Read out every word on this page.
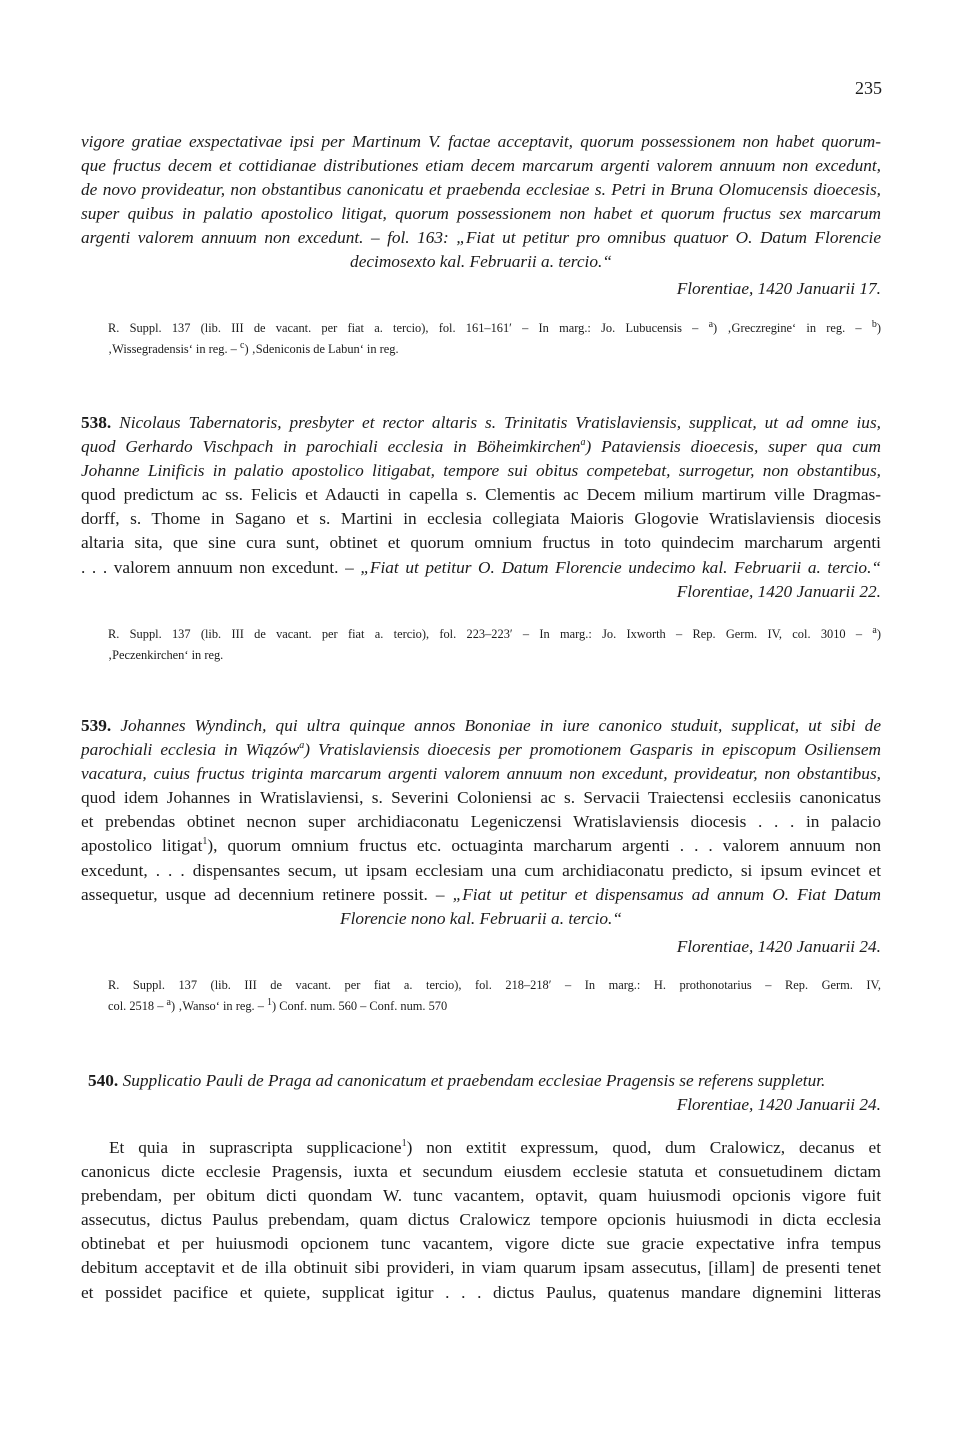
235

vigore gratiae exspectativae ipsi per Martinum V. factae acceptavit, quorum possessionem non habet quorum-

que fructus decem et cottidianae distributiones etiam decem marcarum argenti valorem annuum non excedunt,

de novo provideatur, non obstantibus canonicatu et praebenda ecclesiae s. Petri in Bruna Olomucensis dioecesis,

super quibus in palatio apostolico litigat, quorum possessionem non habet et quorum fructus sex marcarum

argenti valorem annuum non excedunt. – fol. 163: „Fiat ut petitur pro omnibus quatuor O. Datum Florencie

decimosexto kal. Februarii a. tercio.“

Florentiae, 1420 Januarii 17.

R. Suppl. 137 (lib. III de vacant. per fiat a. tercio), fol. 161–161′ – In marg.: Jo. Lubucensis – $^a$) ‚Greczregine‘ in reg. – $^b$)

‚Wissegradensis‘ in reg. – $^c$) ‚Sdeniconis de Labun‘ in reg.

538. Nicolaus Tabernatoris, presbyter et rector altaris s. Trinitatis Vratislaviensis, supplicat, ut ad omne ius,

quod Gerhardo Vischpach in parochiali ecclesia in Böheimkirchen$^a$) Pataviensis dioecesis, super qua cum

Johanne Linificis in palatio apostolico litigabat, tempore sui obitus competebat, surrogetur, non obstantibus,

quod predictum ac ss. Felicis et Adaucti in capella s. Clementis ac Decem milium martirum ville Dragmas-

dorff, s. Thome in Sagano et s. Martini in ecclesia collegiata Maioris Glogovie Wratislaviensis diocesis

altaria sita, que sine cura sunt, obtinet et quorum omnium fructus in toto quindecim marcharum argenti

. . . valorem annuum non excedunt. – „Fiat ut petitur O. Datum Florencie undecimo kal. Februarii a. tercio.“

Florentiae, 1420 Januarii 22.

R. Suppl. 137 (lib. III de vacant. per fiat a. tercio), fol. 223–223′ – In marg.: Jo. Ixworth – Rep. Germ. IV, col. 3010 – $^a$)

‚Peczenkirchen‘ in reg.

539. Johannes Wyndinch, qui ultra quinque annos Bononiae in iure canonico studuit, supplicat, ut sibi de

parochiali ecclesia in Wiązów$^a$) Vratislaviensis dioecesis per promotionem Gasparis in episcopum Osiliensem

vacatura, cuius fructus triginta marcarum argenti valorem annuum non excedunt, provideatur, non obstantibus,

quod idem Johannes in Wratislaviensi, s. Severini Coloniensi ac s. Servacii Traiectensi ecclesiis canonicatus

et prebendas obtinet necnon super archidiaconatu Legeniczensi Wratislaviensis diocesis . . . in palacio

apostolico litigat$^1$), quorum omnium fructus etc. octuaginta marcharum argenti . . . valorem annuum non

excedunt, . . . dispensantes secum, ut ipsam ecclesiam una cum archidiaconatu predicto, si ipsum evincet et

assequetur, usque ad decennium retinere possit. – „Fiat ut petitur et dispensamus ad annum O. Fiat Datum

Florencie nono kal. Februarii a. tercio.“

Florentiae, 1420 Januarii 24.

R. Suppl. 137 (lib. III de vacant. per fiat a. tercio), fol. 218–218′ – In marg.: H. prothonotarius – Rep. Germ. IV,

col. 2518 – $^a$) ‚Wanso‘ in reg. – $^1$) Conf. num. 560 – Conf. num. 570

540. Supplicatio Pauli de Praga ad canonicatum et praebendam ecclesiae Pragensis se referens suppletur.

Florentiae, 1420 Januarii 24.

Et quia in suprascripta supplicacione$^1$) non extitit expressum, quod, dum Cralowicz, decanus et

canonicus dicte ecclesie Pragensis, iuxta et secundum eiusdem ecclesie statuta et consuetudinem dictam

prebendam, per obitum dicti quondam W. tunc vacantem, optavit, quam huiusmodi opcionis vigore fuit

assecutus, dictus Paulus prebendam, quam dictus Cralowicz tempore opcionis huiusmodi in dicta ecclesia

obtinebat et per huiusmodi opcionem tunc vacantem, vigore dicte sue gracie expectative infra tempus

debitum acceptavit et de illa obtinuit sibi provideri, in viam quarum ipsam assecutus, [illam] de presenti tenet

et possidet pacifice et quiete, supplicat igitur . . . dictus Paulus, quatenus mandare dignemini litteras
